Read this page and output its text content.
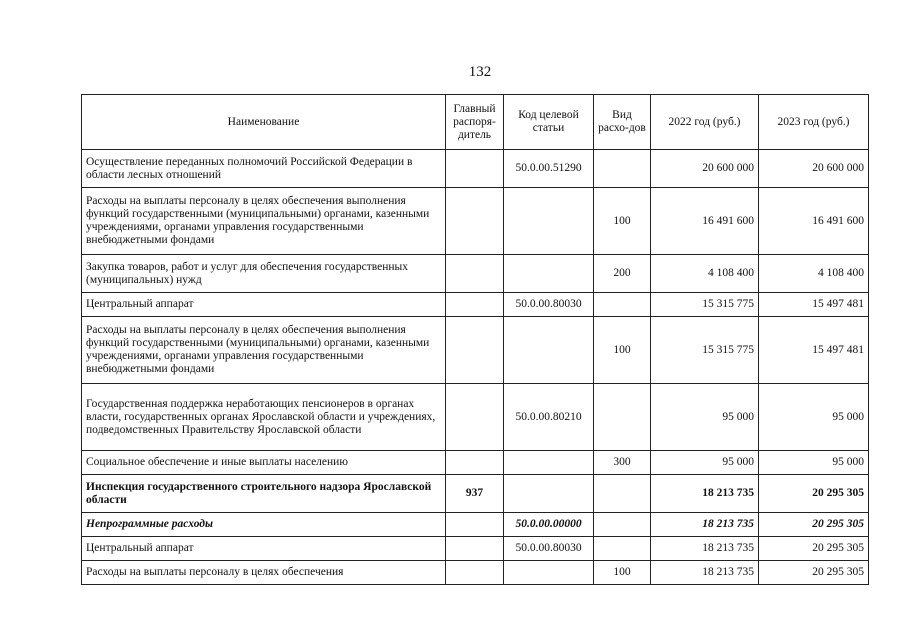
132
Наименование	Главный распоря-дитель	Код целевой статьи	Вид расхо-дов	2022 год (руб.)	2023 год (руб.)
Осуществление переданных полномочий Российской Федерации в области лесных отношений		50.0.00.51290		20 600 000	20 600 000
Расходы на выплаты персоналу в целях обеспечения выполнения функций государственными (муниципальными) органами, казенными учреждениями, органами управления государственными внебюджетными фондами			100	16 491 600	16 491 600
Закупка товаров, работ и услуг для обеспечения государственных (муниципальных) нужд			200	4 108 400	4 108 400
Центральный аппарат		50.0.00.80030		15 315 775	15 497 481
Расходы на выплаты персоналу в целях обеспечения выполнения функций государственными (муниципальными) органами, казенными учреждениями, органами управления государственными внебюджетными фондами			100	15 315 775	15 497 481
Государственная поддержка неработающих пенсионеров в органах власти, государственных органах Ярославской области и учреждениях, подведомственных Правительству Ярославской области		50.0.00.80210		95 000	95 000
Социальное обеспечение и иные выплаты населению			300	95 000	95 000
Инспекция государственного строительного надзора Ярославской области	937			18 213 735	20 295 305
Непрограммные расходы		50.0.00.00000		18 213 735	20 295 305
Центральный аппарат		50.0.00.80030		18 213 735	20 295 305
Расходы на выплаты персоналу в целях обеспечения			100	18 213 735	20 295 305
